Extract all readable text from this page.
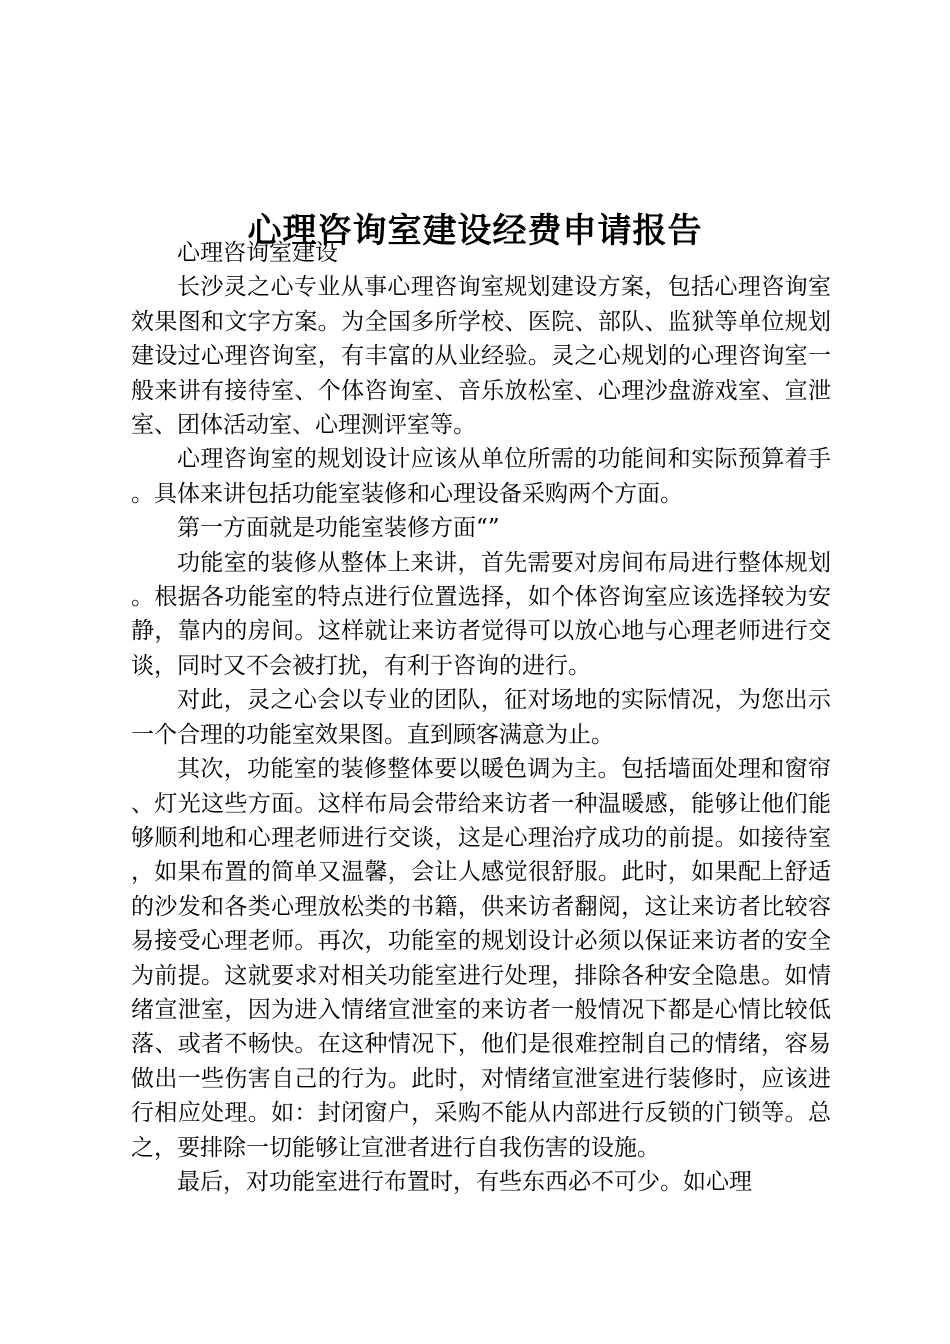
心理咨询室建设经费申请报告

心理咨询室建设

长沙灵之心专业从事心理咨询室规划建设方案，包括心理咨询室效果图和文字方案。为全国多所学校、医院、部队、监狱等单位规划建设过心理咨询室，有丰富的从业经验。灵之心规划的心理咨询室一般来讲有接待室、个体咨询室、音乐放松室、心理沙盘游戏室、宣泄室、团体活动室、心理测评室等。

心理咨询室的规划设计应该从单位所需的功能间和实际预算着手。具体来讲包括功能室装修和心理设备采购两个方面。

第一方面就是功能室装修方面“”

功能室的装修从整体上来讲，首先需要对房间布局进行整体规划。根据各功能室的特点进行位置选择，如个体咨询室应该选择较为安静，靠内的房间。这样就让来访者觉得可以放心地与心理老师进行交谈，同时又不会被打扰，有利于咨询的进行。

对此，灵之心会以专业的团队，征对场地的实际情况，为您出示一个合理的功能室效果图。直到顾客满意为止。

其次，功能室的装修整体要以暖色调为主。包括墙面处理和窗帘、灯光这些方面。这样布局会带给来访者一种温暖感，能够让他们能够顺利地和心理老师进行交谈，这是心理治疗成功的前提。如接待室，如果布置的简单又温馨，会让人感觉很舒服。此时，如果配上舒适的沙发和各类心理放松类的书籍，供来访者翻阅，这让来访者比较容易接受心理老师。再次，功能室的规划设计必须以保证来访者的安全为前提。这就要求对相关功能室进行处理，排除各种安全隐患。如情绪宣泄室，因为进入情绪宣泄室的来访者一般情况下都是心情比较低落、或者不畅快。在这种情况下，他们是很难控制自己的情绪，容易做出一些伤害自己的行为。此时，对情绪宣泄室进行装修时，应该进行相应处理。如：封闭窗户，采购不能从内部进行反锁的门锁等。总之，要排除一切能够让宣泄者进行自我伤害的设施。

最后，对功能室进行布置时，有些东西必不可少。如心理
